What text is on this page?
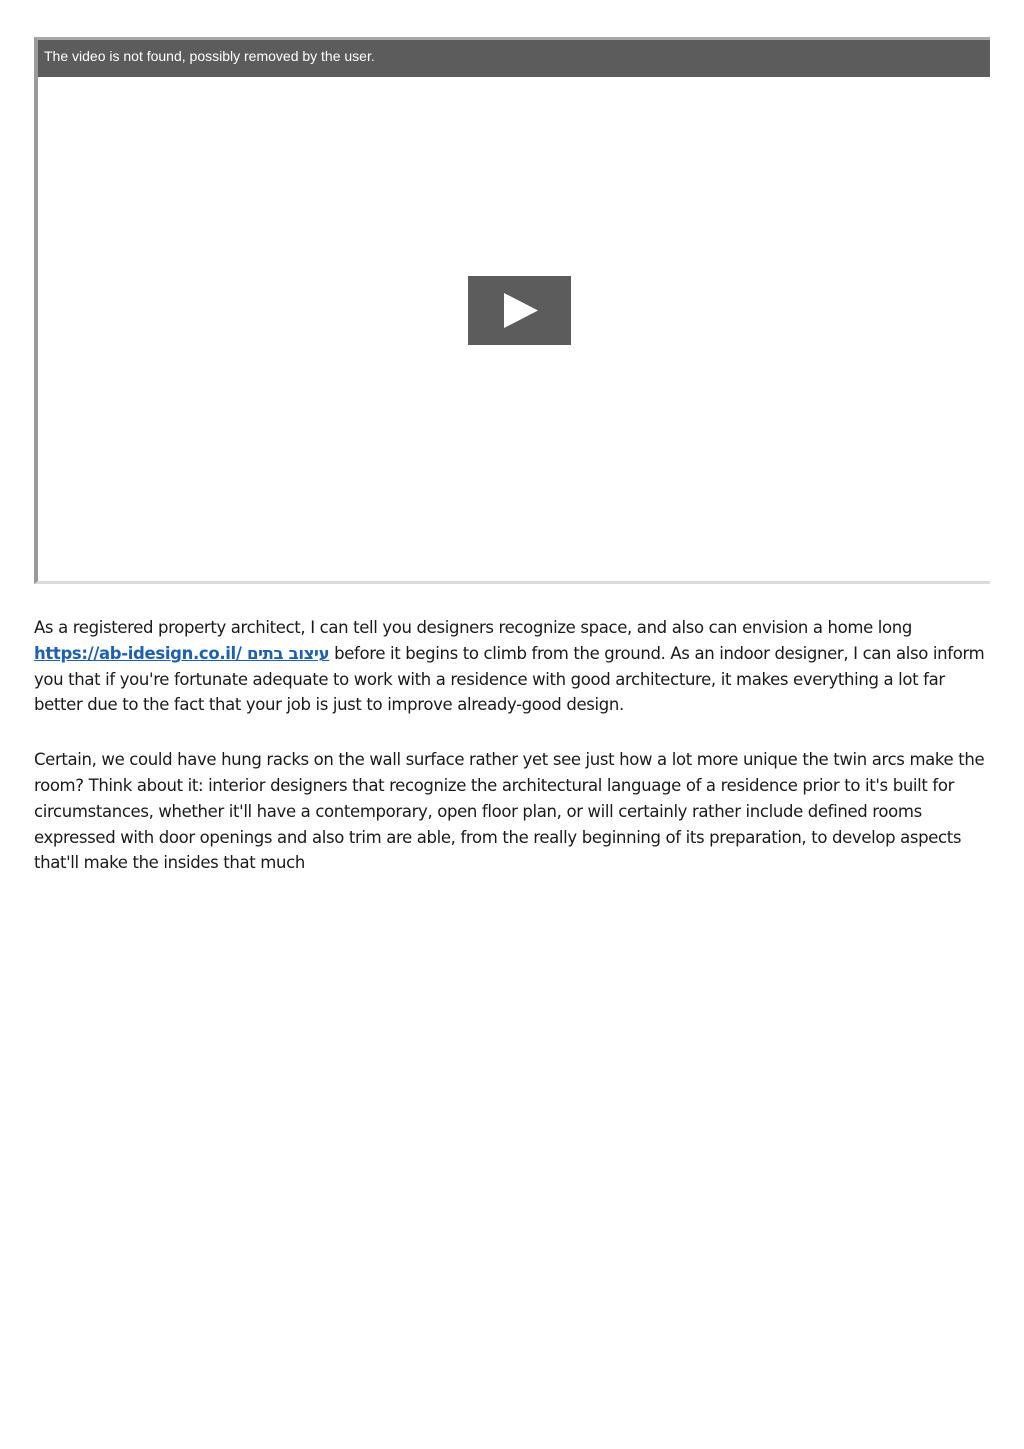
The video is not found, possibly removed by the user.

As a registered property architect, I can tell you designers recognize space, and also can envision a home long https://ab-idesign.co.il/ עיצוב בתים before it begins to climb from the ground. As an indoor designer, I can also inform you that if you're fortunate adequate to work with a residence with good architecture, it makes everything a lot far better due to the fact that your job is just to improve already-good design.

Certain, we could have hung racks on the wall surface rather yet see just how a lot more unique the twin arcs make the room? Think about it: interior designers that recognize the architectural language of a residence prior to it's built for circumstances, whether it'll have a contemporary, open floor plan, or will certainly rather include defined rooms expressed with door openings and also trim are able, from the really beginning of its preparation, to develop aspects that'll make the insides that much
